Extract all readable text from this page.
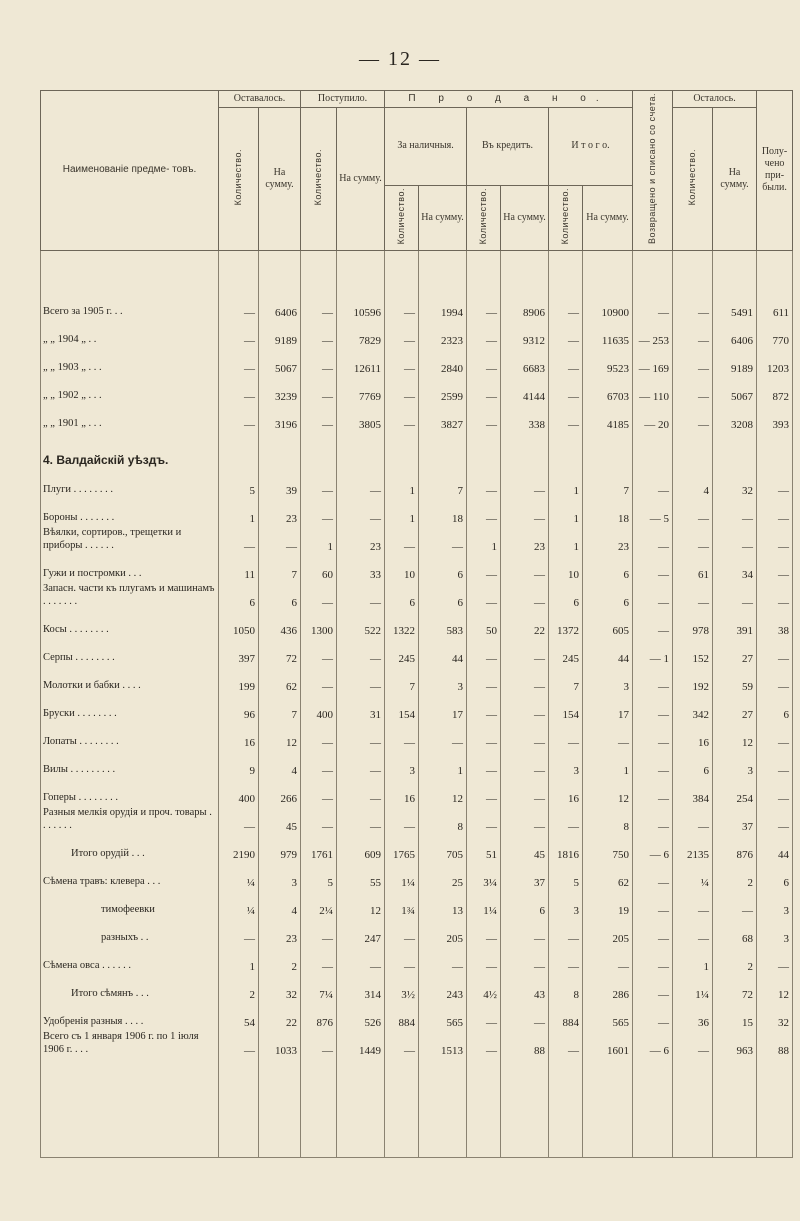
— 12 —
Наименованіе предме- товъ.	Оставалось.		Поступило.		П р о д а н о.						Возвращено и списано со счета.	Осталось.		Полу- чено при- были.
	Количество.	На сумму.	Количество.	На сумму.	За наличныя.		Въ кредитъ.		И т о г о.			Количество.	На сумму.	
					Количество.	На сумму.	Количество.	На сумму.	Количество.	На сумму.				

Всего за 1905 г. . .	—	6406	—	10596	—	1994	—	8906	—	10900	—	—	5491	611
„ „ 1904 „ . .	—	9189	—	7829	—	2323	—	9312	—	11635	— 253	—	6406	770
„ „ 1903 „ . . .	—	5067	—	12611	—	2840	—	6683	—	9523	— 169	—	9189	1203
„ „ 1902 „ . . .	—	3239	—	7769	—	2599	—	4144	—	6703	— 110	—	5067	872
„ „ 1901 „ . . .	—	3196	—	3805	—	3827	—	338	—	4185	— 20	—	3208	393
4. Валдайскій уѣздъ.														
Плуги . . . . . . . .	5	39	—	—	1	7	—	—	1	7	—	4	32	—
Бороны . . . . . . .	1	23	—	—	1	18	—	—	1	18	— 5	—	—	—
Вѣялки, сортиров., трещетки и приборы . . . . . .	—	—	1	23	—	—	1	23	1	23	—	—	—	—
Гужи и постромки . . .	11	7	60	33	10	6	—	—	10	6	—	61	34	—
Запасн. части къ плугамъ и машинамъ . . . . . . .	6	6	—	—	6	6	—	—	6	6	—	—	—	—
Косы . . . . . . . .	1050	436	1300	522	1322	583	50	22	1372	605	—	978	391	38
Серпы . . . . . . . .	397	72	—	—	245	44	—	—	245	44	— 1	152	27	—
Молотки и бабки . . . .	199	62	—	—	7	3	—	—	7	3	—	192	59	—
Бруски . . . . . . . .	96	7	400	31	154	17	—	—	154	17	—	342	27	6
Лопаты . . . . . . . .	16	12	—	—	—	—	—	—	—	—	—	16	12	—
Вилы . . . . . . . . .	9	4	—	—	3	1	—	—	3	1	—	6	3	—
Гоперы . . . . . . . .	400	266	—	—	16	12	—	—	16	12	—	384	254	—
Разныя мелкія орудія и проч. товары . . . . . . .	—	45	—	—	—	8	—	—	—	8	—	—	37	—
Итого орудій . . .	2190	979	1761	609	1765	705	51	45	1816	750	— 6	2135	876	44
Сѣмена травъ: клевера . . .	¼	3	5	55	1¼	25	3¼	37	5	62	—	¼	2	6
тимофеевки	¼	4	2¼	12	1¾	13	1¼	6	3	19	—	—	—	3
разныхъ . .	—	23	—	247	—	205	—	—	—	205	—	—	68	3
Сѣмена овса . . . . . .	1	2	—	—	—	—	—	—	—	—	—	1	2	—
Итого сѣмянъ . . .	2	32	7¼	314	3½	243	4½	43	8	286	—	1¼	72	12
Удобренія разныя . . . .	54	22	876	526	884	565	—	—	884	565	—	36	15	32
Всего съ 1 января 1906 г. по 1 іюля 1906 г. . . .	—	1033	—	1449	—	1513	—	88	—	1601	— 6	—	963	88
